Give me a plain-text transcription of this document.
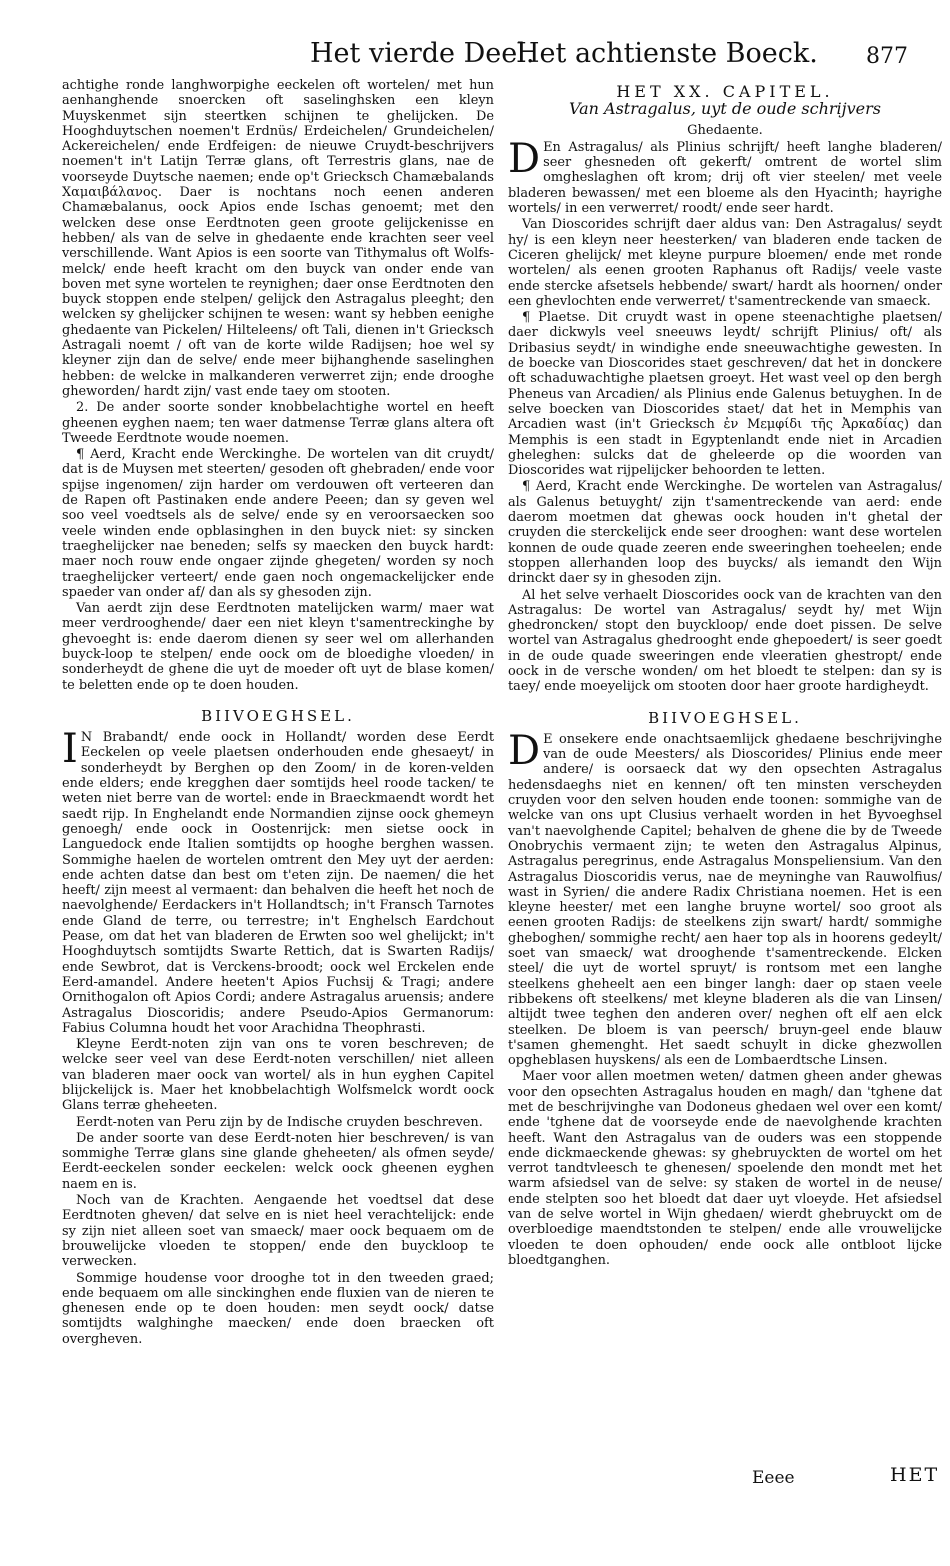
Het vierde Deel.
Het achtienste Boeck. 877

achtighe ronde langhworpighe eeckelen oft wortelen/ met hun aenhanghende snoercken oft saselinghsken een kleyn Muyskenmet sijn steertken schijnen te ghelijcken. De Hooghduytschen noemen't Erdnüs/ Erdeichelen/ Grundeichelen/ Ackereichelen/ ende Erdfeigen: de nieuwe Cruydt-beschrijvers noemen't in't Latijn Terræ glans, oft Terrestris glans, nae de voorseyde Duytsche naemen; ende op't Griecksch Chamæbalands Χαμαιβάλανος. Daer is nochtans noch eenen anderen Chamæbalanus, oock Apios ende Ischas genoemt; met den welcken dese onse Eerdtnoten geen groote gelijckenisse en hebben/ als van de selve in ghedaente ende krachten seer veel verschillende. Want Apios is een soorte van Tithymalus oft Wolfs-melck/ ende heeft kracht om den buyck van onder ende van boven met syne wortelen te reynighen; daer onse Eerdtnoten den buyck stoppen ende stelpen/ gelijck den Astragalus pleeght; den welcken sy ghelijcker schijnen te wesen: want sy hebben eenighe ghedaente van Pickelen/ Hilteleens/ oft Tali, dienen in't Griecksch Astragali noemt / oft van de korte wilde Radijsen; hoe wel sy kleyner zijn dan de selve/ ende meer bijhanghende saselinghen hebben: de welcke in malkanderen verwerret zijn; ende drooghe gheworden/ hardt zijn/ vast ende taey om stooten.

2. De ander soorte sonder knobbelachtighe wortel en heeft gheenen eyghen naem; ten waer datmense Terræ glans altera oft Tweede Eerdtnote woude noemen.

¶ Aerd, Kracht ende Werckinghe. De wortelen van dit cruydt/ dat is de Muysen met steerten/ gesoden oft ghebraden/ ende voor spijse ingenomen/ zijn harder om verdouwen oft verteeren dan de Rapen oft Pastinaken ende andere Peeen; dan sy geven wel soo veel voedtsels als de selve/ ende sy en veroorsaecken soo veele winden ende opblasinghen in den buyck niet: sy sincken traeghelijcker nae beneden; selfs sy maecken den buyck hardt: maer noch rouw ende ongaer zijnde ghegeten/ worden sy noch traeghelijcker verteert/ ende gaen noch ongemackelijcker ende spaeder van onder af/ dan als sy ghesoden zijn.

Van aerdt zijn dese Eerdtnoten matelijcken warm/ maer wat meer verdrooghende/ daer een niet kleyn t'samentreckinghe by ghevoeght is: ende daerom dienen sy seer wel om allerhanden buyck-loop te stelpen/ ende oock om de bloedighe vloeden/ in sonderheydt de ghene die uyt de moeder oft uyt de blase komen/ te beletten ende op te doen houden.

BIIVOEGHSEL.

IN Brabandt/ ende oock in Hollandt/ worden dese Eerdt Eeckelen op veele plaetsen onderhouden ende ghesaeyt/ in sonderheydt by Berghen op den Zoom/ in de koren-velden ende elders; ende kregghen daer somtijds heel roode tacken/ te weten niet berre van de wortel: ende in Braeckmaendt wordt het saedt rijp. In Enghelandt ende Normandien zijnse oock ghemeyn genoegh/ ende oock in Oostenrijck: men sietse oock in Languedock ende Italien somtijdts op hooghe berghen wassen. Sommighe haelen de wortelen omtrent den Mey uyt der aerden: ende achten datse dan best om t'eten zijn. De naemen/ die het heeft/ zijn meest al vermaent: dan behalven die heeft het noch de naevolghende/ Eerdackers in't Hollandtsch; in't Fransch Tarnotes ende Gland de terre, ou terrestre; in't Enghelsch Eardchout Pease, om dat het van bladeren de Erwten soo wel ghelijckt; in't Hooghduytsch somtijdts Swarte Rettich, dat is Swarten Radijs/ ende Sewbrot, dat is Verckens-broodt; oock wel Erckelen ende Eerd-amandel. Andere heeten't Apios Fuchsij & Tragi; andere Ornithogalon oft Apios Cordi; andere Astragalus aruensis; andere Astragalus Dioscoridis; andere Pseudo-Apios Germanorum: Fabius Columna houdt het voor Arachidna Theophrasti.

Kleyne Eerdt-noten zijn van ons te voren beschreven; de welcke seer veel van dese Eerdt-noten verschillen/ niet alleen van bladeren maer oock van wortel/ als in hun eyghen Capitel blijckelijck is. Maer het knobbelachtigh Wolfsmelck wordt oock Glans terræ gheheeten.

Eerdt-noten van Peru zijn by de Indische cruyden beschreven.

De ander soorte van dese Eerdt-noten hier beschreven/ is van sommighe Terræ glans sine glande gheheeten/ als ofmen seyde/ Eerdt-eeckelen sonder eeckelen: welck oock gheenen eyghen naem en is.

Noch van de Krachten. Aengaende het voedtsel dat dese Eerdtnoten gheven/ dat selve en is niet heel verachtelijck: ende sy zijn niet alleen soet van smaeck/ maer oock bequaem om de brouwelijcke vloeden te stoppen/ ende den buyckloop te verwecken.

Sommige houdense voor drooghe tot in den tweeden graed; ende bequaem om alle sinckinghen ende fluxien van de nieren te ghenesen ende op te doen houden: men seydt oock/ datse somtijdts walghinghe maecken/ ende doen braecken oft overgheven.

HET XX. CAPITEL.
Van Astragalus, uyt de oude schrijvers
Ghedaente.

DEn Astragalus/ als Plinius schrijft/ heeft langhe bladeren/ seer ghesneden oft gekerft/ omtrent de wortel slim omgheslaghen oft krom; drij oft vier steelen/ met veele bladeren bewassen/ met een bloeme als den Hyacinth; hayrighe wortels/ in een verwerret/ roodt/ ende seer hardt.

Van Dioscorides schrijft daer aldus van: Den Astragalus/ seydt hy/ is een kleyn neer heesterken/ van bladeren ende tacken de Ciceren ghelijck/ met kleyne purpure bloemen/ ende met ronde wortelen/ als eenen grooten Raphanus oft Radijs/ veele vaste ende stercke afsetsels hebbende/ swart/ hardt als hoornen/ onder een ghevlochten ende verwerret/ t'samentreckende van smaeck.

¶ Plaetse. Dit cruydt wast in openе steenachtighe plaetsen/ daer dickwyls veel sneeuws leydt/ schrijft Plinius/ oft/ als Dribasius seydt/ in windighe ende sneeuwachtighe gewesten. In de boecke van Dioscorides staet geschreven/ dat het in donckere oft schaduwachtighe plaetsen groeyt. Het wast veel op den bergh Pheneus van Arcadien/ als Plinius ende Galenus betuyghen. In de selve boecken van Dioscorides staet/ dat het in Memphis van Arcadien wast (in't Griecksch ἐν Μεμφίδι τῆς Ἀρκαδίας) dan Memphis is een stadt in Egyptenlandt ende niet in Arcadien gheleghen: sulcks dat de gheleerde op die woorden van Dioscorides wat rijpelijcker behoorden te letten.

¶ Aerd, Kracht ende Werckinghe. De wortelen van Astragalus/ als Galenus betuyght/ zijn t'samentreckende van aerd: ende daerom moetmen dat ghewas oock houden in't ghetal der cruyden die sterckelijck ende seer drooghen: want dese wortelen konnen de oude quade zeeren ende sweeringhen toeheelen; ende stoppen allerhanden loop des buycks/ als iemandt den Wijn drinckt daer sy in ghesoden zijn.

Al het selve verhaelt Dioscorides oock van de krachten van den Astragalus: De wortel van Astragalus/ seydt hy/ met Wijn ghedroncken/ stopt den buyckloop/ ende doet pissen. De selve wortel van Astragalus ghedrooght ende ghepoedert/ is seer goedt in de oude quade sweeringen ende vleeratien ghestropt/ ende oock in de versche wonden/ om het bloedt te stelpen: dan sy is taey/ ende moeyelijck om stooten door haer groote hardigheydt.

BIIVOEGHSEL.

DE onsekere ende onachtsaemlijck ghedaene beschrijvinghe van de oude Meesters/ als Dioscorides/ Plinius ende meer andere/ is oorsaeck dat wy den opsechten Astragalus hedensdaeghs niet en kennen/ oft ten minsten verscheyden cruyden voor den selven houden ende toonen: sommighe van de welcke van ons upt Clusius verhaelt worden in het Byvoeghsel van't naevolghende Capitel; behalven de ghene die by de Tweede Onobrychis vermaent zijn; te weten den Astragalus Alpinus, Astragalus peregrinus, ende Astragalus Monspeliensium. Van den Astragalus Dioscoridis verus, nae de meyninghe van Rauwolfius/ wast in Syrien/ die andere Radix Christiana noemen. Het is een kleyne heester/ met een langhe bruyne wortel/ soo groot als eenen grooten Radijs: de steelkens zijn swart/ hardt/ sommighe gheboghen/ sommighe recht/ aen haer top als in hoorens gedeylt/ soet van smaeck/ wat drooghende t'samentreckende. Elcken steel/ die uyt de wortel spruyt/ is rontsom met een langhe steelkens gheheelt aen een binger langh: daer op staen veele ribbekens oft steelkens/ met kleyne bladeren als die van Linsen/ altijdt twee teghen den anderen over/ neghen oft elf aen elck steelken. De bloem is van peersch/ bruyn-geel ende blauw t'samen ghemenght. Het saedt schuylt in dicke ghezwollen opgheblasen huyskens/ als een de Lombaerdtsche Linsen.

Maer voor allen moetmen weten/ datmen gheen ander ghewas voor den opsechten Astragalus houden en magh/ dan 'tghene dat met de beschrijvinghe van Dodoneus ghedaen wel over een komt/ ende 'tghene dat de voorseyde ende de naevolghende krachten heeft. Want den Astragalus van de ouders was een stoppende ende dickmaeckende ghewas: sy ghebruyckten de wortel om het verrot tandtvleesch te ghenesen/ spoelende den mondt met het warm afsiedsel van de selve: sy staken de wortel in de neuse/ ende stelpten soo het bloedt dat daer uyt vloeyde. Het afsiedsel van de selve wortel in Wijn ghedaen/ wierdt ghebruyckt om de overbloedige maendtstonden te stelpen/ ende alle vrouwelijcke vloeden te doen ophouden/ ende oock alle ontbloot lijcke bloedtganghen.

Eeee	HET
